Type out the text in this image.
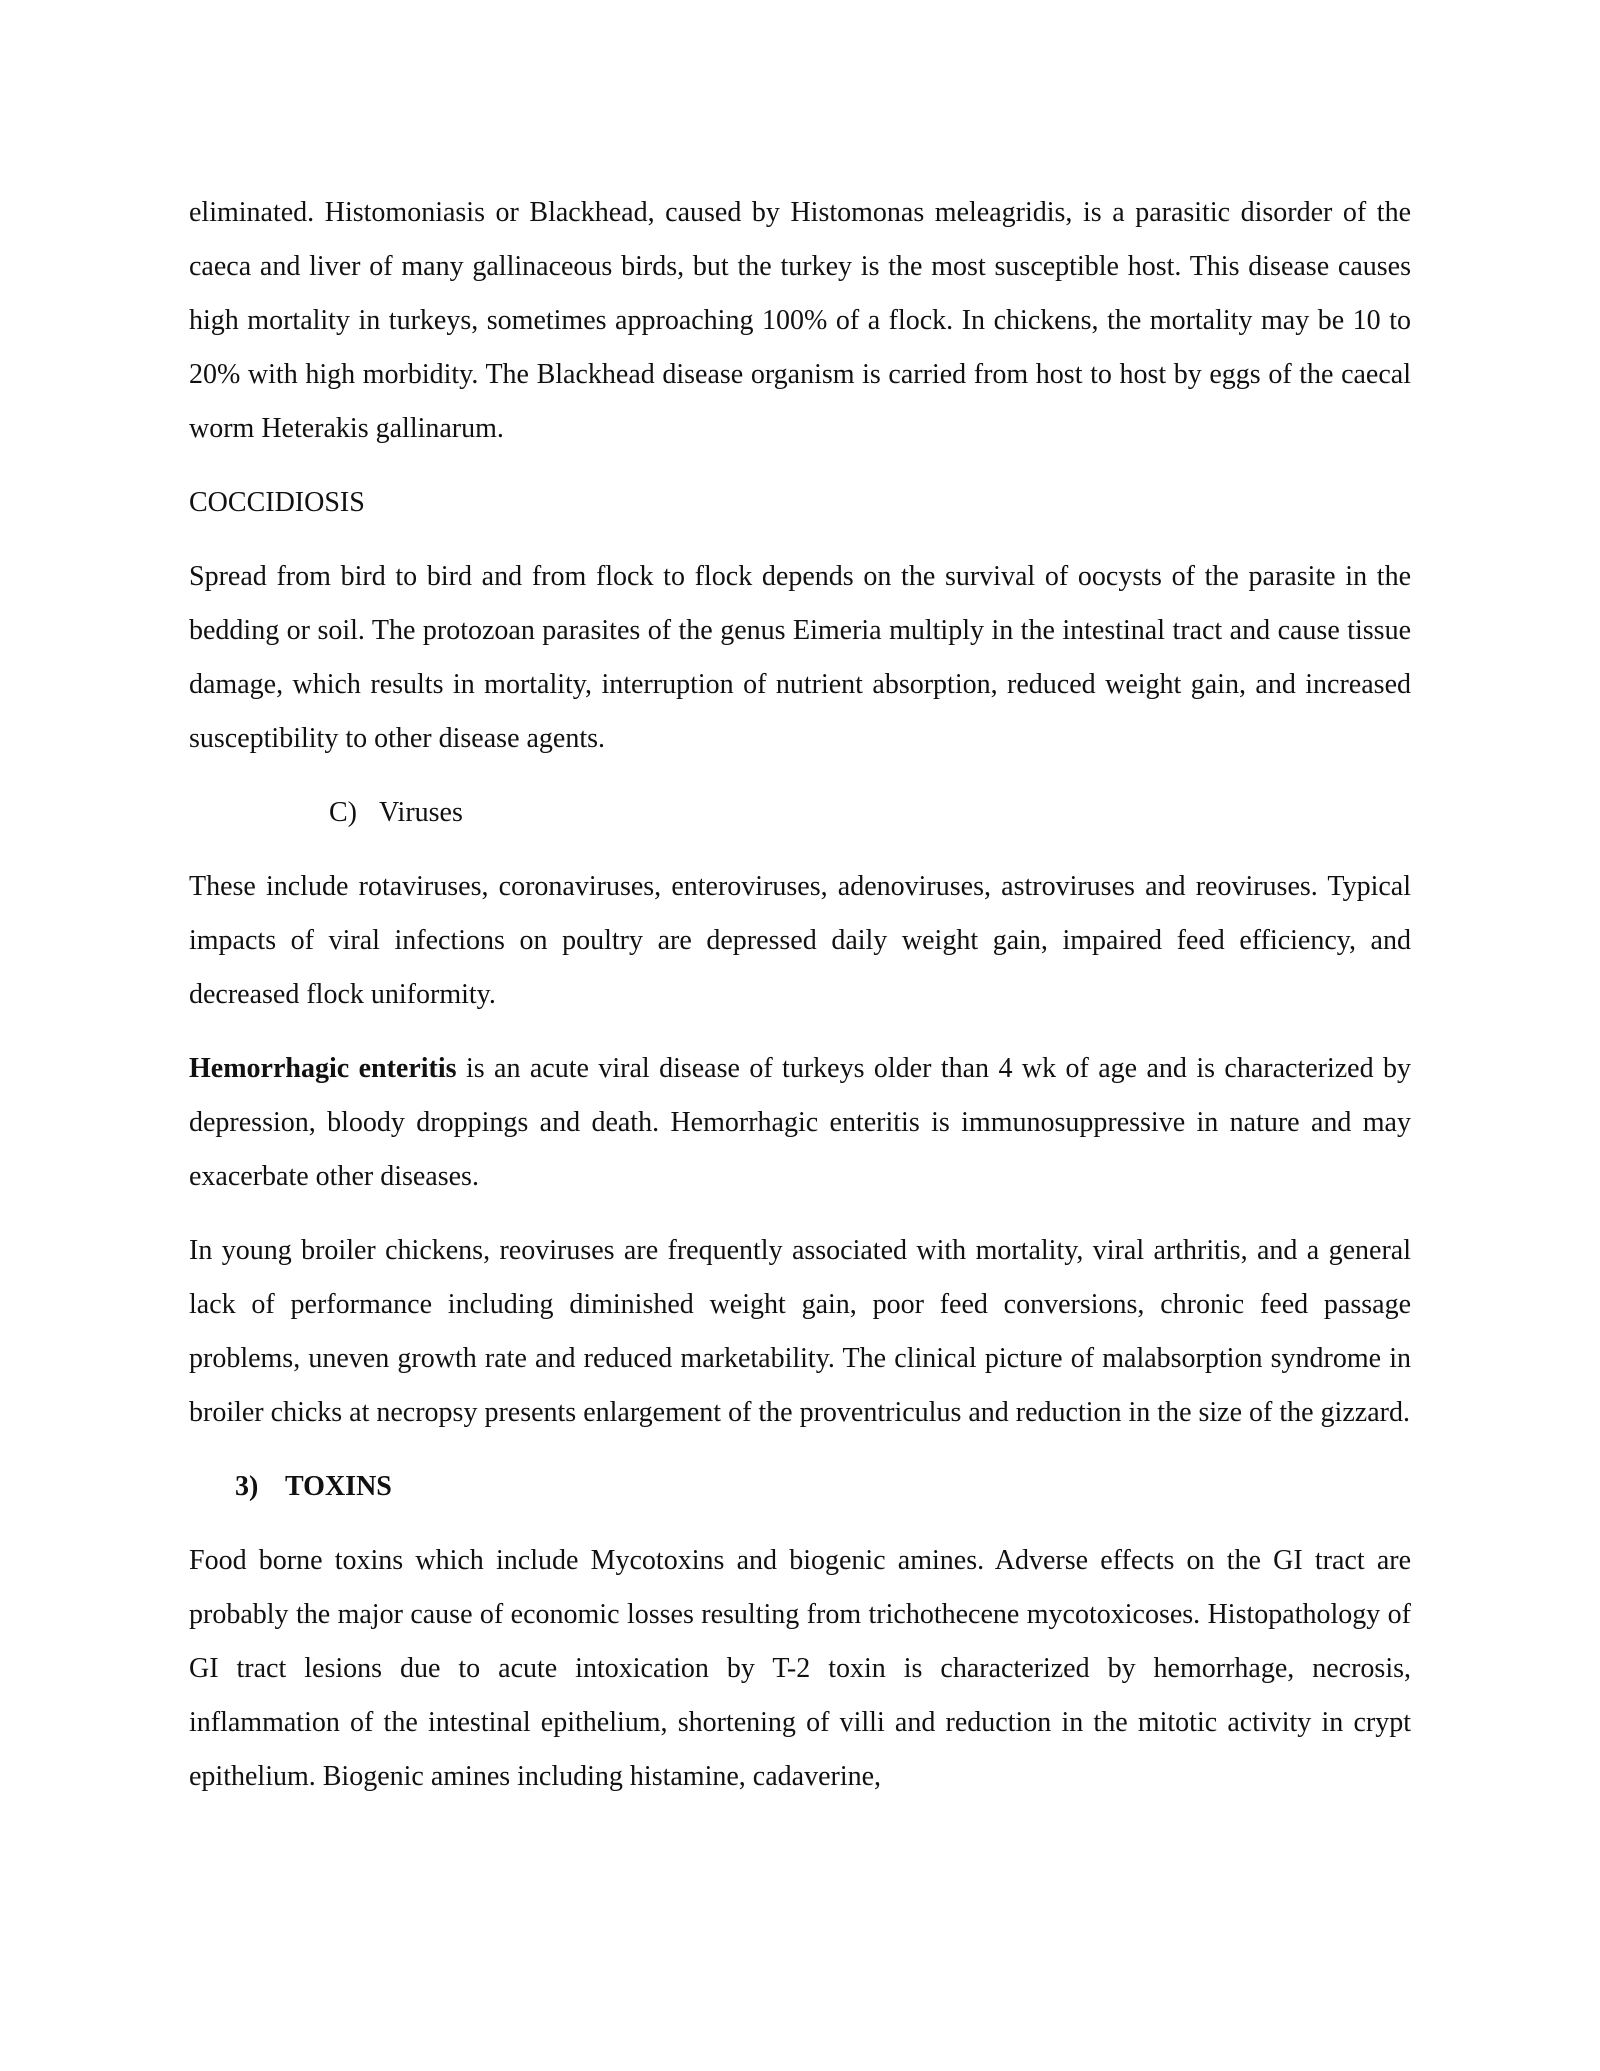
eliminated. Histomoniasis or Blackhead, caused by Histomonas meleagridis, is a parasitic disorder of the caeca and liver of many gallinaceous birds, but the turkey is the most susceptible host. This disease causes high mortality in turkeys, sometimes approaching 100% of a flock. In chickens, the mortality may be 10 to 20% with high morbidity. The Blackhead disease organism is carried from host to host by eggs of the caecal worm Heterakis gallinarum.

COCCIDIOSIS

Spread from bird to bird and from flock to flock depends on the survival of oocysts of the parasite in the bedding or soil. The protozoan parasites of the genus Eimeria multiply in the intestinal tract and cause tissue damage, which results in mortality, interruption of nutrient absorption, reduced weight gain, and increased susceptibility to other disease agents.

C) Viruses

These include rotaviruses, coronaviruses, enteroviruses, adenoviruses, astroviruses and reoviruses. Typical impacts of viral infections on poultry are depressed daily weight gain, impaired feed efficiency, and decreased flock uniformity.

Hemorrhagic enteritis is an acute viral disease of turkeys older than 4 wk of age and is characterized by depression, bloody droppings and death. Hemorrhagic enteritis is immunosuppressive in nature and may exacerbate other diseases.

In young broiler chickens, reoviruses are frequently associated with mortality, viral arthritis, and a general lack of performance including diminished weight gain, poor feed conversions, chronic feed passage problems, uneven growth rate and reduced marketability. The clinical picture of malabsorption syndrome in broiler chicks at necropsy presents enlargement of the proventriculus and reduction in the size of the gizzard.

3) TOXINS

Food borne toxins which include Mycotoxins and biogenic amines. Adverse effects on the GI tract are probably the major cause of economic losses resulting from trichothecene mycotoxicoses. Histopathology of GI tract lesions due to acute intoxication by T-2 toxin is characterized by hemorrhage, necrosis, inflammation of the intestinal epithelium, shortening of villi and reduction in the mitotic activity in crypt epithelium. Biogenic amines including histamine, cadaverine,
